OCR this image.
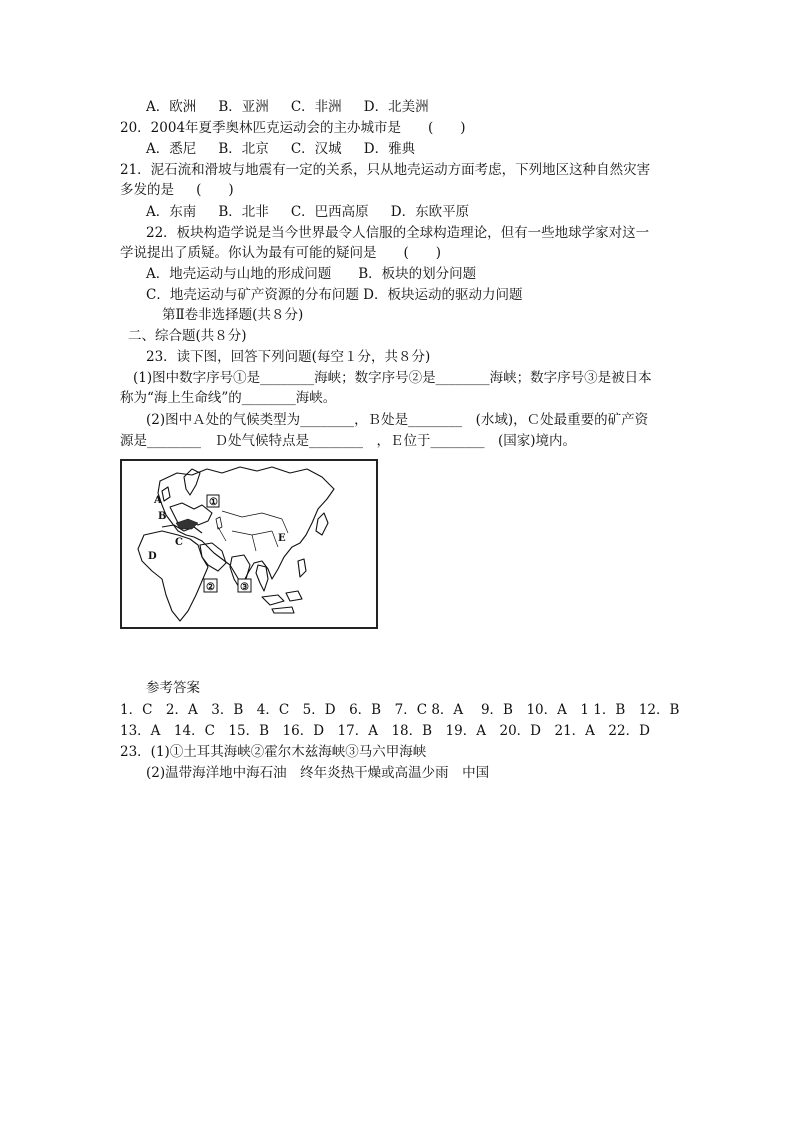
A．欧洲　  B．亚洲　  C．非洲　  D．北美洲
20．2004年夏季奥林匹克运动会的主办城市是　　(　　)
A．悉尼　  B．北京　  C．汉城　  D．雅典
21．泥石流和滑坡与地震有一定的关系，只从地壳运动方面考虑，下列地区这种自然灾害
多发的是　  (　　)
A．东南　  B．北非　  C．巴西高原　  D．东欧平原
22．板块构造学说是当今世界最令人信服的全球构造理论，但有一些地球学家对这一
学说提出了质疑。你认为最有可能的疑问是　　(　　)
A．地壳运动与山地的形成问题　　B．板块的划分问题
C．地壳运动与矿产资源的分布问题 D．板块运动的驱动力问题
第Ⅱ卷非选择题(共８分)
二、综合题(共８分)
23．读下图，回答下列问题(每空１分，共８分)
(1)图中数字序号①是________海峡；数字序号②是________海峡；数字序号③是被日本
称为“海上生命线”的________海峡。
(2)图中Ａ处的气候类型为________，Ｂ处是________　(水域)，Ｃ处最重要的矿产资
源是________　Ｄ处气候特点是________　，Ｅ位于________　(国家)境内。
①
②	③
A
B
C
D
E
参考答案
1．C　2．A　3．B　4．C　5．D　6．B　7．C 8．A　 9．B　10．A　1 1．B　12．B
13．A　14．C　15．B　16．D　17．A　18．B　19．A　20．D　21．A　22．D
23．(1)①土耳其海峡②霍尔木兹海峡③马六甲海峡
(2)温带海洋地中海石油　终年炎热干燥或高温少雨　中国
